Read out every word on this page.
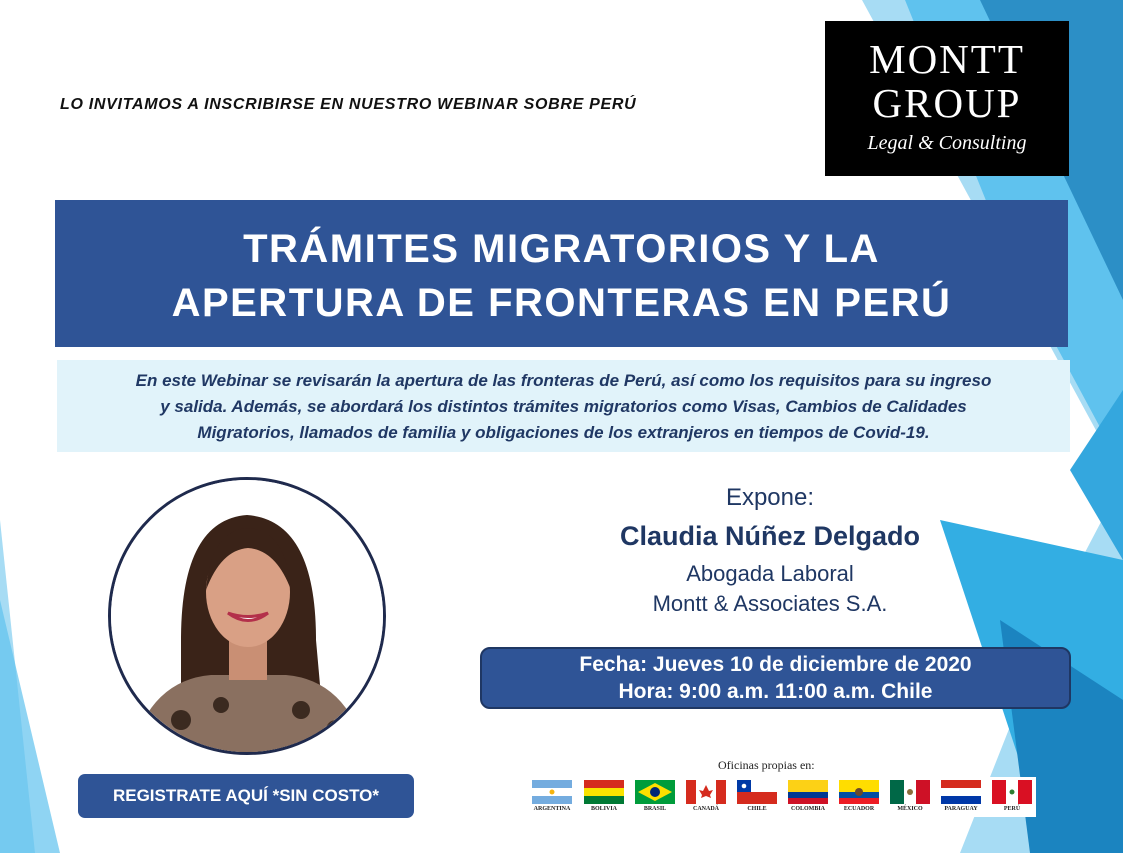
LO INVITAMOS A INSCRIBIRSE EN NUESTRO WEBINAR SOBRE PERÚ
MONTT
GROUP
Legal & Consulting
TRÁMITES MIGRATORIOS Y LA
APERTURA DE FRONTERAS EN PERÚ
En este Webinar se revisarán la apertura de las fronteras de Perú, así como los requisitos para su ingreso
y salida. Además, se abordará los distintos trámites migratorios como Visas, Cambios de Calidades
Migratorios, llamados de familia y obligaciones de los extranjeros en tiempos de Covid-19.
Expone:
Claudia Núñez Delgado
Abogada Laboral
Montt & Associates S.A.
Fecha: Jueves 10 de diciembre de 2020
Hora: 9:00 a.m. 11:00 a.m. Chile
REGISTRATE AQUÍ *SIN COSTO*
Oficinas propias en:
ARGENTINA	BOLIVIA	BRASIL	CANADÁ	CHILE	COLOMBIA	ECUADOR	MÉXICO	PARAGUAY	PERÚ
